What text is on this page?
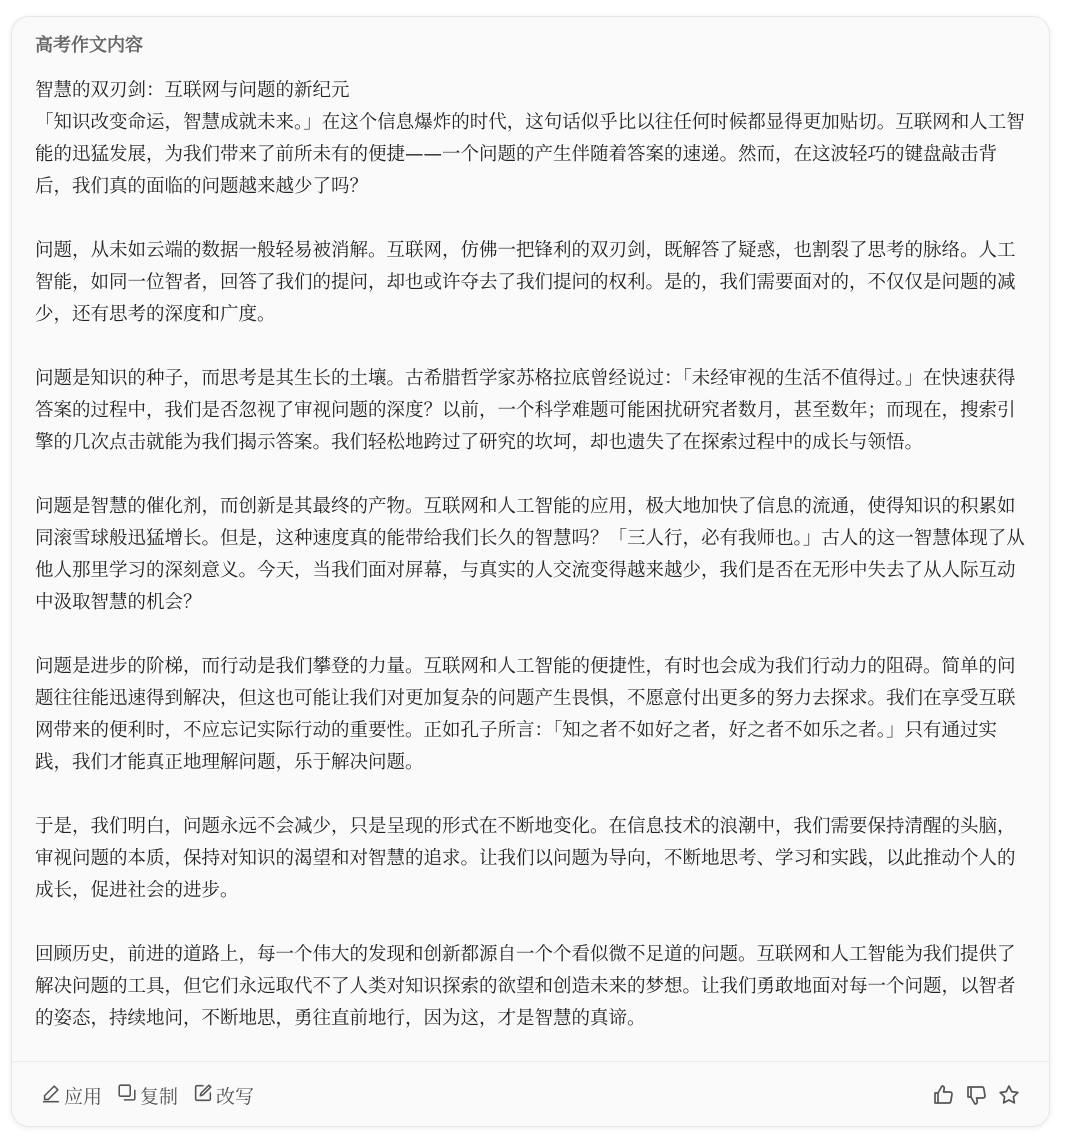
高考作文内容

智慧的双刃剑：互联网与问题的新纪元

「知识改变命运，智慧成就未来。」在这个信息爆炸的时代，这句话似乎比以往任何时候都显得更加贴切。互联网和人工智能的迅猛发展，为我们带来了前所未有的便捷——一个问题的产生伴随着答案的速递。然而，在这波轻巧的键盘敲击背后，我们真的面临的问题越来越少了吗？

问题，从未如云端的数据一般轻易被消解。互联网，仿佛一把锋利的双刃剑，既解答了疑惑，也割裂了思考的脉络。人工智能，如同一位智者，回答了我们的提问，却也或许夺去了我们提问的权利。是的，我们需要面对的，不仅仅是问题的减少，还有思考的深度和广度。

问题是知识的种子，而思考是其生长的土壤。古希腊哲学家苏格拉底曾经说过：「未经审视的生活不值得过。」在快速获得答案的过程中，我们是否忽视了审视问题的深度？以前，一个科学难题可能困扰研究者数月，甚至数年；而现在，搜索引擎的几次点击就能为我们揭示答案。我们轻松地跨过了研究的坎坷，却也遗失了在探索过程中的成长与领悟。

问题是智慧的催化剂，而创新是其最终的产物。互联网和人工智能的应用，极大地加快了信息的流通，使得知识的积累如同滚雪球般迅猛增长。但是，这种速度真的能带给我们长久的智慧吗？「三人行，必有我师也。」古人的这一智慧体现了从他人那里学习的深刻意义。今天，当我们面对屏幕，与真实的人交流变得越来越少，我们是否在无形中失去了从人际互动中汲取智慧的机会？

问题是进步的阶梯，而行动是我们攀登的力量。互联网和人工智能的便捷性，有时也会成为我们行动力的阻碍。简单的问题往往能迅速得到解决，但这也可能让我们对更加复杂的问题产生畏惧，不愿意付出更多的努力去探求。我们在享受互联网带来的便利时，不应忘记实际行动的重要性。正如孔子所言：「知之者不如好之者，好之者不如乐之者。」只有通过实践，我们才能真正地理解问题，乐于解决问题。

于是，我们明白，问题永远不会减少，只是呈现的形式在不断地变化。在信息技术的浪潮中，我们需要保持清醒的头脑，审视问题的本质，保持对知识的渴望和对智慧的追求。让我们以问题为导向，不断地思考、学习和实践，以此推动个人的成长，促进社会的进步。

回顾历史，前进的道路上，每一个伟大的发现和创新都源自一个个看似微不足道的问题。互联网和人工智能为我们提供了解决问题的工具，但它们永远取代不了人类对知识探索的欲望和创造未来的梦想。让我们勇敢地面对每一个问题，以智者的姿态，持续地问，不断地思，勇往直前地行，因为这，才是智慧的真谛。

应用 复制 改写
